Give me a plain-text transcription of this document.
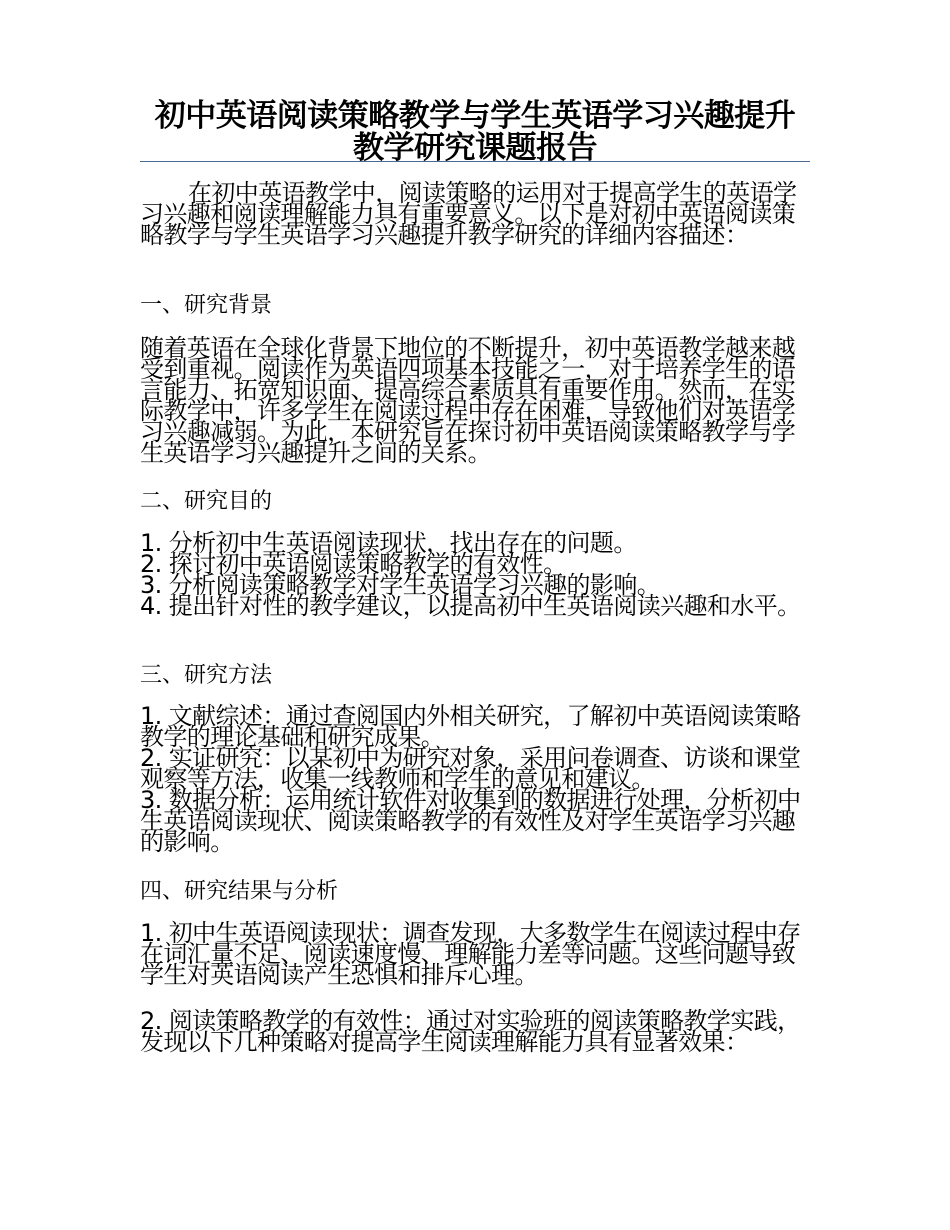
初中英语阅读策略教学与学生英语学习兴趣提升教学研究课题报告
在初中英语教学中，阅读策略的运用对于提高学生的英语学习兴趣和阅读理解能力具有重要意义。以下是对初中英语阅读策略教学与学生英语学习兴趣提升教学研究的详细内容描述：
一、研究背景
随着英语在全球化背景下地位的不断提升，初中英语教学越来越受到重视。阅读作为英语四项基本技能之一，对于培养学生的语言能力、拓宽知识面、提高综合素质具有重要作用。然而，在实际教学中，许多学生在阅读过程中存在困难，导致他们对英语学习兴趣减弱。为此，本研究旨在探讨初中英语阅读策略教学与学生英语学习兴趣提升之间的关系。
二、研究目的
1. 分析初中生英语阅读现状，找出存在的问题。
2. 探讨初中英语阅读策略教学的有效性。
3. 分析阅读策略教学对学生英语学习兴趣的影响。
4. 提出针对性的教学建议，以提高初中生英语阅读兴趣和水平。
三、研究方法
1. 文献综述：通过查阅国内外相关研究，了解初中英语阅读策略教学的理论基础和研究成果。
2. 实证研究：以某初中为研究对象，采用问卷调查、访谈和课堂观察等方法，收集一线教师和学生的意见和建议。
3. 数据分析：运用统计软件对收集到的数据进行处理，分析初中生英语阅读现状、阅读策略教学的有效性及对学生英语学习兴趣的影响。
四、研究结果与分析
1. 初中生英语阅读现状：调查发现，大多数学生在阅读过程中存在词汇量不足、阅读速度慢、理解能力差等问题。这些问题导致学生对英语阅读产生恐惧和排斥心理。
2. 阅读策略教学的有效性：通过对实验班的阅读策略教学实践，发现以下几种策略对提高学生阅读理解能力具有显著效果：
